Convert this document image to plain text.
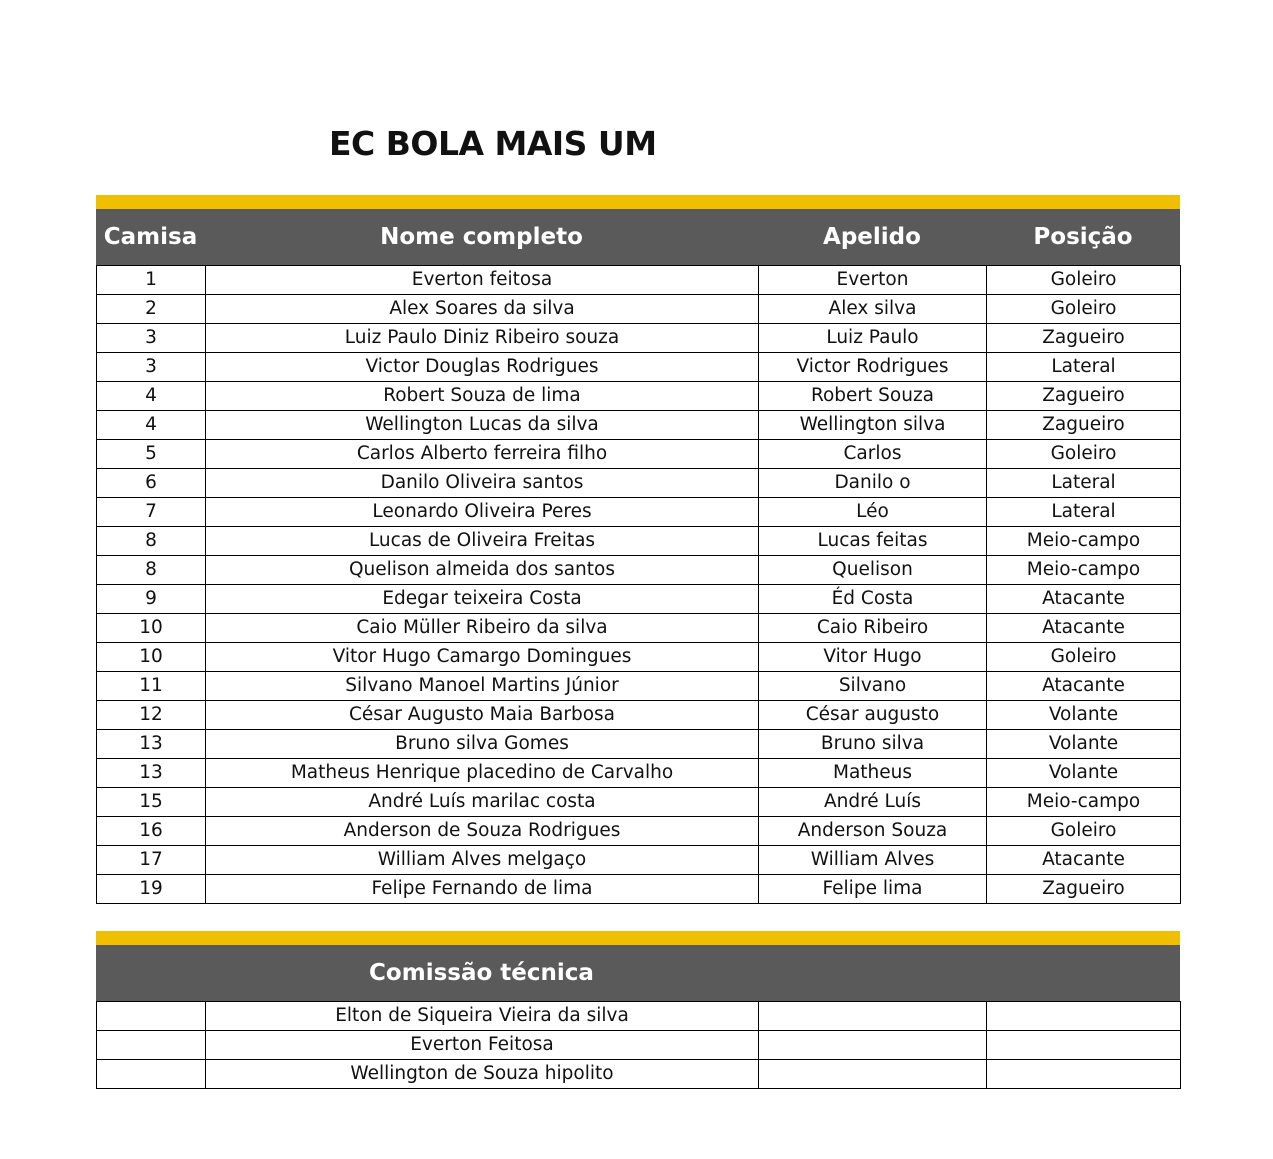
EC BOLA MAIS UM
Camisa	Nome completo	Apelido	Posição
1	Everton feitosa	Everton	Goleiro
2	Alex Soares da silva	Alex silva	Goleiro
3	Luiz Paulo Diniz Ribeiro souza	Luiz Paulo	Zagueiro
3	Victor Douglas Rodrigues	Victor Rodrigues	Lateral
4	Robert Souza de lima	Robert Souza	Zagueiro
4	Wellington Lucas da silva	Wellington silva	Zagueiro
5	Carlos Alberto ferreira filho	Carlos	Goleiro
6	Danilo Oliveira santos	Danilo o	Lateral
7	Leonardo Oliveira Peres	Léo	Lateral
8	Lucas de Oliveira Freitas	Lucas feitas	Meio-campo
8	Quelison almeida dos santos	Quelison	Meio-campo
9	Edegar teixeira Costa	Éd Costa	Atacante
10	Caio Müller Ribeiro da silva	Caio Ribeiro	Atacante
10	Vitor Hugo Camargo Domingues	Vitor Hugo	Goleiro
11	Silvano Manoel Martins Júnior	Silvano	Atacante
12	César Augusto Maia Barbosa	César augusto	Volante
13	Bruno silva Gomes	Bruno silva	Volante
13	Matheus Henrique placedino de Carvalho	Matheus	Volante
15	André Luís marilac costa	André Luís	Meio-campo
16	Anderson de Souza Rodrigues	Anderson Souza	Goleiro
17	William Alves melgaço	William Alves	Atacante
19	Felipe Fernando de lima	Felipe lima	Zagueiro
Comissão técnica
	Elton de Siqueira Vieira da silva		
	Everton Feitosa		
	Wellington de Souza hipolito		
